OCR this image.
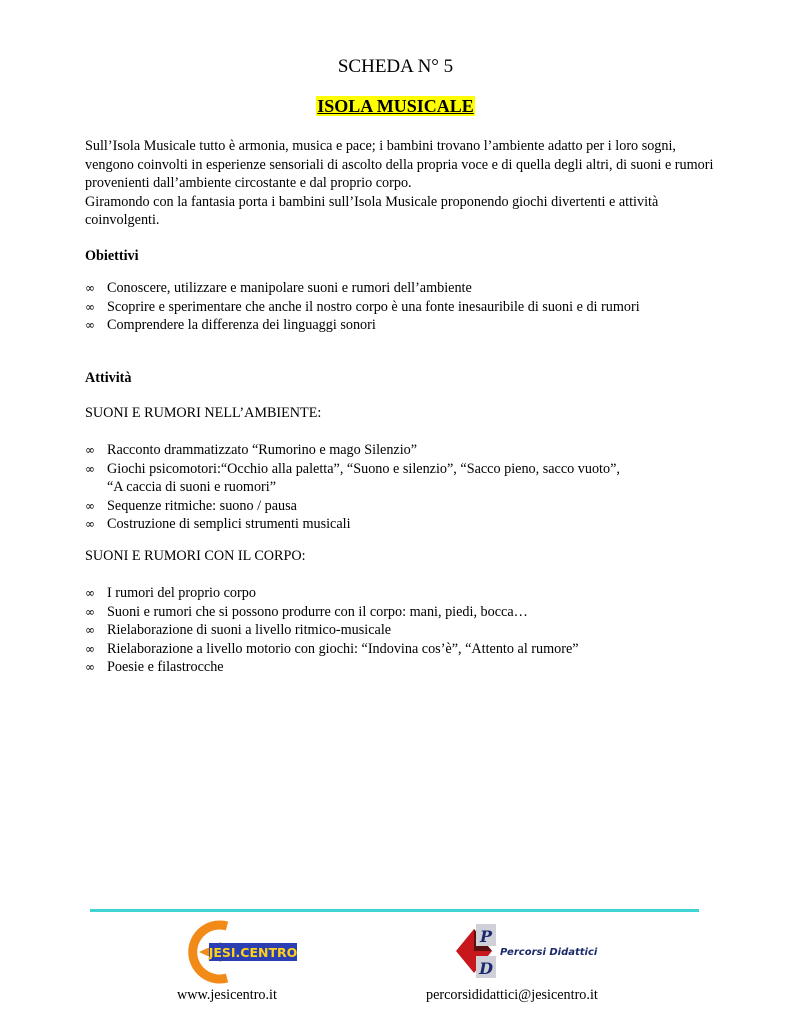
SCHEDA N° 5
ISOLA MUSICALE

Sull’Isola Musicale tutto è armonia, musica e pace; i bambini trovano l’ambiente adatto per i loro sogni, vengono coinvolti in esperienze sensoriali di ascolto della propria voce e di quella degli altri, di suoni e rumori provenienti dall’ambiente circostante e dal proprio corpo.

Giramondo con la fantasia porta i bambini sull’Isola Musicale proponendo giochi divertenti e attività coinvolgenti.

Obiettivi
∞ Conoscere, utilizzare e manipolare suoni e rumori dell’ambiente
∞ Scoprire e sperimentare che anche il nostro corpo è una fonte inesauribile di suoni e di rumori
∞ Comprendere la differenza dei linguaggi sonori
Attività
SUONI E RUMORI NELL’AMBIENTE:
∞ Racconto drammatizzato “Rumorino e mago Silenzio”
∞ Giochi psicomotori:“Occhio alla paletta”, “Suono e silenzio”, “Sacco pieno, sacco vuoto”,
“A caccia di suoni e ruomori”
∞ Sequenze ritmiche: suono / pausa
∞ Costruzione di semplici strumenti musicali
SUONI E RUMORI CON IL CORPO:
∞ I rumori del proprio corpo
∞ Suoni e rumori che si possono produrre con il corpo: mani, piedi, bocca…
∞ Rielaborazione di suoni a livello ritmico-musicale
∞ Rielaborazione a livello motorio con giochi: “Indovina cos’è”, “Attento al rumore”
∞ Poesie e filastrocche
JESI.CENTRO
P
D
Percorsi Didattici
www.jesicentro.it	percorsididattici@jesicentro.it
